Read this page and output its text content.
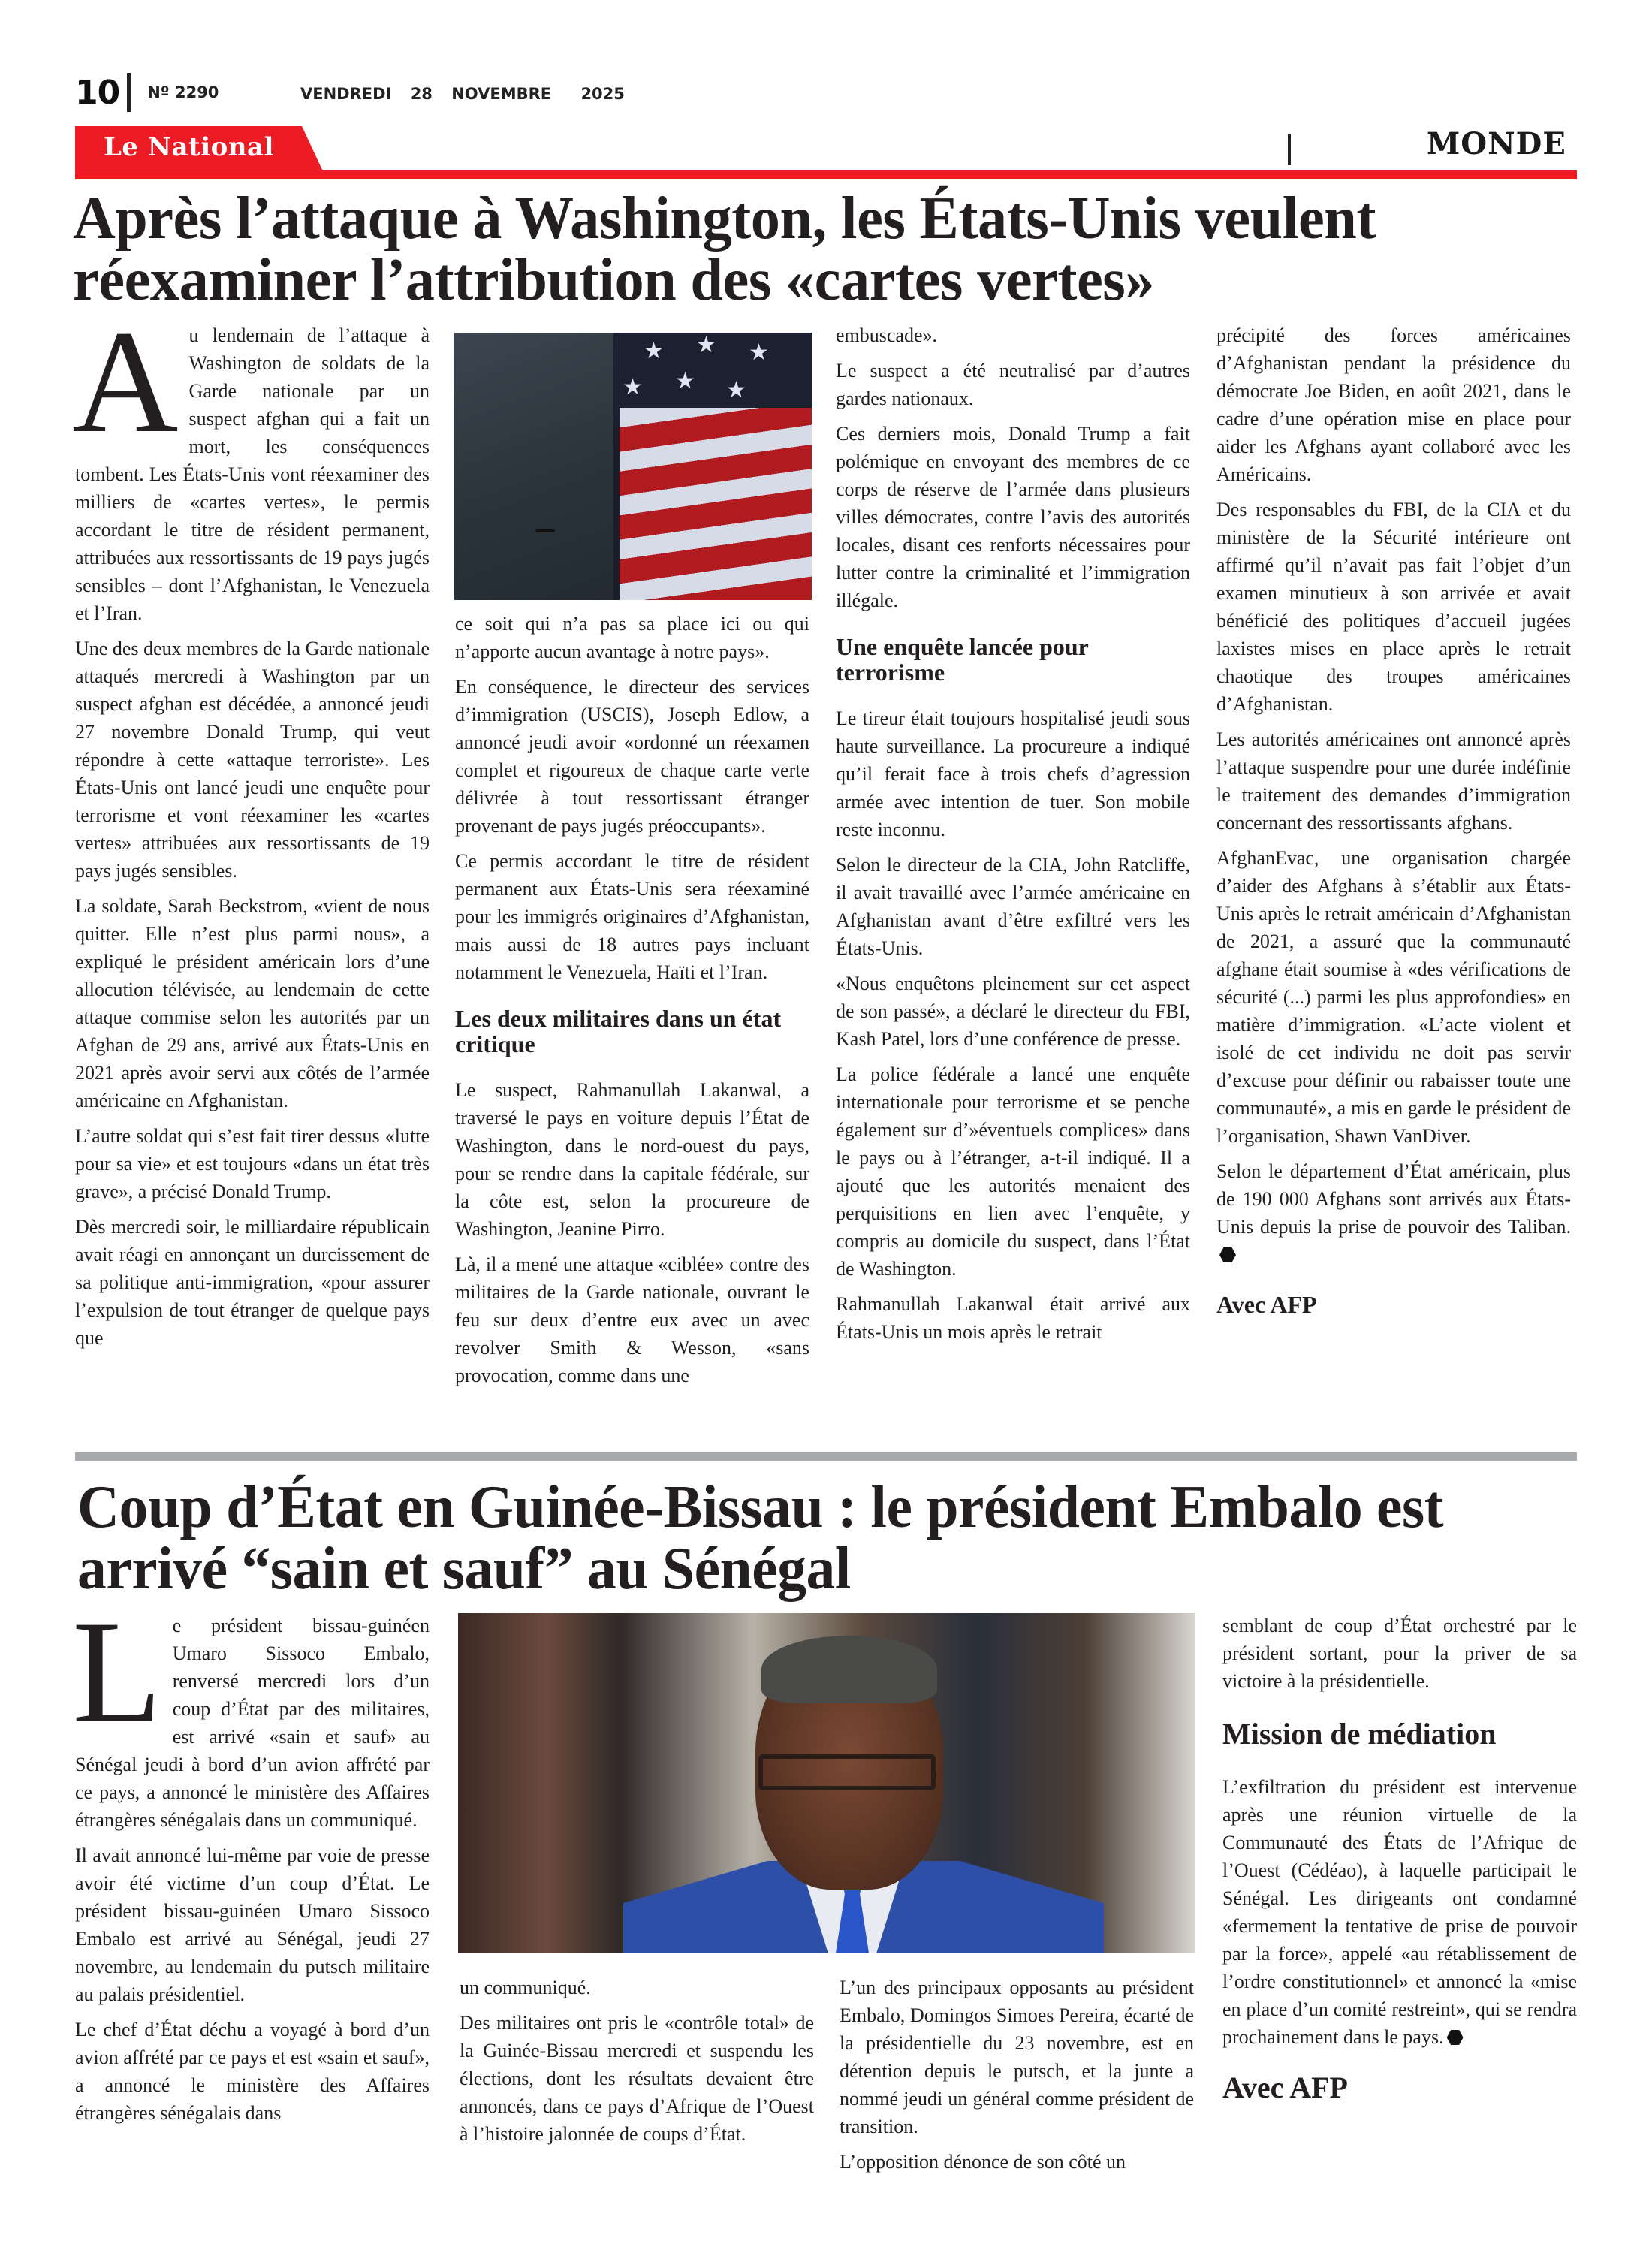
10 Nº 2290	VENDREDI 28 NOVEMBRE 2025
Le National	MONDE
Après l’attaque à Washington, les États-Unis veulent réexaminer l’attribution des «cartes vertes»

Au lendemain de l’attaque à Washington de soldats de la Garde nationale par un suspect afghan qui a fait un mort, les conséquences tombent. Les États-Unis vont réexaminer des milliers de «cartes vertes», le permis accordant le titre de résident permanent, attribuées aux ressortissants de 19 pays jugés sensibles – dont l’Afghanistan, le Venezuela et l’Iran.

Une des deux membres de la Garde nationale attaqués mercredi à Washington par un suspect afghan est décédée, a annoncé jeudi 27 novembre Donald Trump, qui veut répondre à cette «attaque terroriste». Les États-Unis ont lancé jeudi une enquête pour terrorisme et vont réexaminer les «cartes vertes» attribuées aux ressortissants de 19 pays jugés sensibles.

La soldate, Sarah Beckstrom, «vient de nous quitter. Elle n’est plus parmi nous», a expliqué le président américain lors d’une allocution télévisée, au lendemain de cette attaque commise selon les autorités par un Afghan de 29 ans, arrivé aux États-Unis en 2021 après avoir servi aux côtés de l’armée américaine en Afghanistan.

L’autre soldat qui s’est fait tirer dessus «lutte pour sa vie» et est toujours «dans un état très grave», a précisé Donald Trump.

Dès mercredi soir, le milliardaire républicain avait réagi en annonçant un durcissement de sa politique anti-immigration, «pour assurer l’expulsion de tout étranger de quelque pays que

★ ★ ★
★ ★ ★

ce soit qui n’a pas sa place ici ou qui n’apporte aucun avantage à notre pays».

En conséquence, le directeur des services d’immigration (USCIS), Joseph Edlow, a annoncé jeudi avoir «ordonné un réexamen complet et rigoureux de chaque carte verte délivrée à tout ressortissant étranger provenant de pays jugés préoccupants».

Ce permis accordant le titre de résident permanent aux États-Unis sera réexaminé pour les immigrés originaires d’Afghanistan, mais aussi de 18 autres pays incluant notamment le Venezuela, Haïti et l’Iran.

Les deux militaires dans un état critique

Le suspect, Rahmanullah Lakanwal, a traversé le pays en voiture depuis l’État de Washington, dans le nord-ouest du pays, pour se rendre dans la capitale fédérale, sur la côte est, selon la procureure de Washington, Jeanine Pirro.

Là, il a mené une attaque «ciblée» contre des militaires de la Garde nationale, ouvrant le feu sur deux d’entre eux avec un avec revolver Smith & Wesson, «sans provocation, comme dans une

embuscade».

Le suspect a été neutralisé par d’autres gardes nationaux.

Ces derniers mois, Donald Trump a fait polémique en envoyant des membres de ce corps de réserve de l’armée dans plusieurs villes démocrates, contre l’avis des autorités locales, disant ces renforts nécessaires pour lutter contre la criminalité et l’immigration illégale.

Une enquête lancée pour terrorisme

Le tireur était toujours hospitalisé jeudi sous haute surveillance. La procureure a indiqué qu’il ferait face à trois chefs d’agression armée avec intention de tuer. Son mobile reste inconnu.

Selon le directeur de la CIA, John Ratcliffe, il avait travaillé avec l’armée américaine en Afghanistan avant d’être exfiltré vers les États-Unis.

«Nous enquêtons pleinement sur cet aspect de son passé», a déclaré le directeur du FBI, Kash Patel, lors d’une conférence de presse.

La police fédérale a lancé une enquête internationale pour terrorisme et se penche également sur d’»éventuels complices» dans le pays ou à l’étranger, a-t-il indiqué. Il a ajouté que les autorités menaient des perquisitions en lien avec l’enquête, y compris au domicile du suspect, dans l’État de Washington.

Rahmanullah Lakanwal était arrivé aux États-Unis un mois après le retrait

précipité des forces américaines d’Afghanistan pendant la présidence du démocrate Joe Biden, en août 2021, dans le cadre d’une opération mise en place pour aider les Afghans ayant collaboré avec les Américains.

Des responsables du FBI, de la CIA et du ministère de la Sécurité intérieure ont affirmé qu’il n’avait pas fait l’objet d’un examen minutieux à son arrivée et avait bénéficié des politiques d’accueil jugées laxistes mises en place après le retrait chaotique des troupes américaines d’Afghanistan.

Les autorités américaines ont annoncé après l’attaque suspendre pour une durée indéfinie le traitement des demandes d’immigration concernant des ressortissants afghans.

AfghanEvac, une organisation chargée d’aider des Afghans à s’établir aux États-Unis après le retrait américain d’Afghanistan de 2021, a assuré que la communauté afghane était soumise à «des vérifications de sécurité (...) parmi les plus approfondies» en matière d’immigration. «L’acte violent et isolé de cet individu ne doit pas servir d’excuse pour définir ou rabaisser toute une communauté», a mis en garde le président de l’organisation, Shawn VanDiver.

Selon le département d’État américain, plus de 190 000 Afghans sont arrivés aux États-Unis depuis la prise de pouvoir des Taliban.

Avec AFP

Coup d’État en Guinée-Bissau : le président Embalo est arrivé “sain et sauf” au Sénégal

Le président bissau-guinéen Umaro Sissoco Embalo, renversé mercredi lors d’un coup d’État par des militaires, est arrivé «sain et sauf» au Sénégal jeudi à bord d’un avion affrété par ce pays, a annoncé le ministère des Affaires étrangères sénégalais dans un communiqué.

Il avait annoncé lui-même par voie de presse avoir été victime d’un coup d’État. Le président bissau-guinéen Umaro Sissoco Embalo est arrivé au Sénégal, jeudi 27 novembre, au lendemain du putsch militaire au palais présidentiel.

Le chef d’État déchu a voyagé à bord d’un avion affrété par ce pays et est «sain et sauf», a annoncé le ministère des Affaires étrangères sénégalais dans

un communiqué.

Des militaires ont pris le «contrôle total» de la Guinée-Bissau mercredi et suspendu les élections, dont les résultats devaient être annoncés, dans ce pays d’Afrique de l’Ouest à l’histoire jalonnée de coups d’État.

L’un des principaux opposants au président Embalo, Domingos Simoes Pereira, écarté de la présidentielle du 23 novembre, est en détention depuis le putsch, et la junte a nommé jeudi un général comme président de transition.

L’opposition dénonce de son côté un

semblant de coup d’État orchestré par le président sortant, pour la priver de sa victoire à la présidentielle.

Mission de médiation

L’exfiltration du président est intervenue après une réunion virtuelle de la Communauté des États de l’Afrique de l’Ouest (Cédéao), à laquelle participait le Sénégal. Les dirigeants ont condamné «fermement la tentative de prise de pouvoir par la force», appelé «au rétablissement de l’ordre constitutionnel» et annoncé la «mise en place d’un comité restreint», qui se rendra prochainement dans le pays.

Avec AFP
